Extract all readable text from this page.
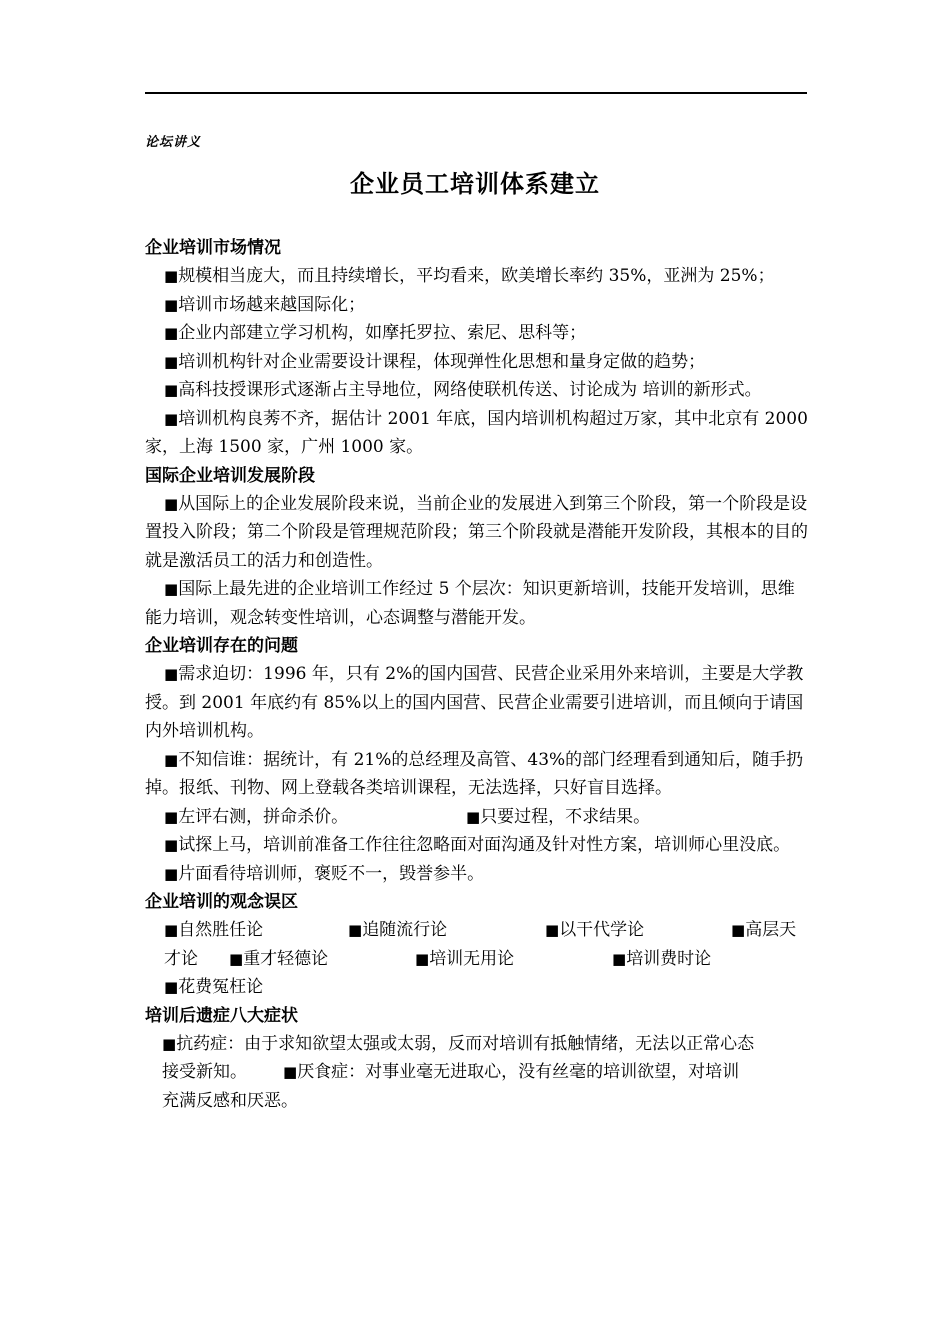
论坛讲义
企业员工培训体系建立

企业培训市场情况

■规模相当庞大，而且持续增长，平均看来，欧美增长率约 35%，亚洲为 25%；

■培训市场越来越国际化；

■企业内部建立学习机构，如摩托罗拉、索尼、思科等；

■培训机构针对企业需要设计课程，体现弹性化思想和量身定做的趋势；

■高科技授课形式逐渐占主导地位，网络使联机传送、讨论成为 培训的新形式。

■培训机构良莠不齐，据估计 2001 年底，国内培训机构超过万家，其中北京有 2000 家，上海 1500 家，广州 1000 家。

国际企业培训发展阶段

■从国际上的企业发展阶段来说，当前企业的发展进入到第三个阶段，第一个阶段是设置投入阶段；第二个阶段是管理规范阶段；第三个阶段就是潜能开发阶段，其根本的目的就是激活员工的活力和创造性。

■国际上最先进的企业培训工作经过 5 个层次：知识更新培训，技能开发培训，思维能力培训，观念转变性培训，心态调整与潜能开发。

企业培训存在的问题

■需求迫切：1996 年，只有 2%的国内国营、民营企业采用外来培训，主要是大学教授。到 2001 年底约有 85%以上的国内国营、民营企业需要引进培训，而且倾向于请国内外培训机构。

■不知信谁：据统计，有 21%的总经理及高管、43%的部门经理看到通知后，随手扔掉。报纸、刊物、网上登载各类培训课程，无法选择，只好盲目选择。

■左评右测，拼命杀价。	■只要过程，不求结果。

■试探上马，培训前准备工作往往忽略面对面沟通及针对性方案，培训师心里没底。

■片面看待培训师，褒贬不一，毁誉参半。

企业培训的观念误区

■自然胜任论	■追随流行论	■以干代学论	■高层天
才论	■重才轻德论	■培训无用论	■培训费时论
■花费冤枉论

培训后遗症八大症状

■抗药症：由于求知欲望太强或太弱，反而对培训有抵触情绪，无法以正常心态

接受新知。 ■厌食症：对事业毫无进取心，没有丝毫的培训欲望，对培训

充满反感和厌恶。
